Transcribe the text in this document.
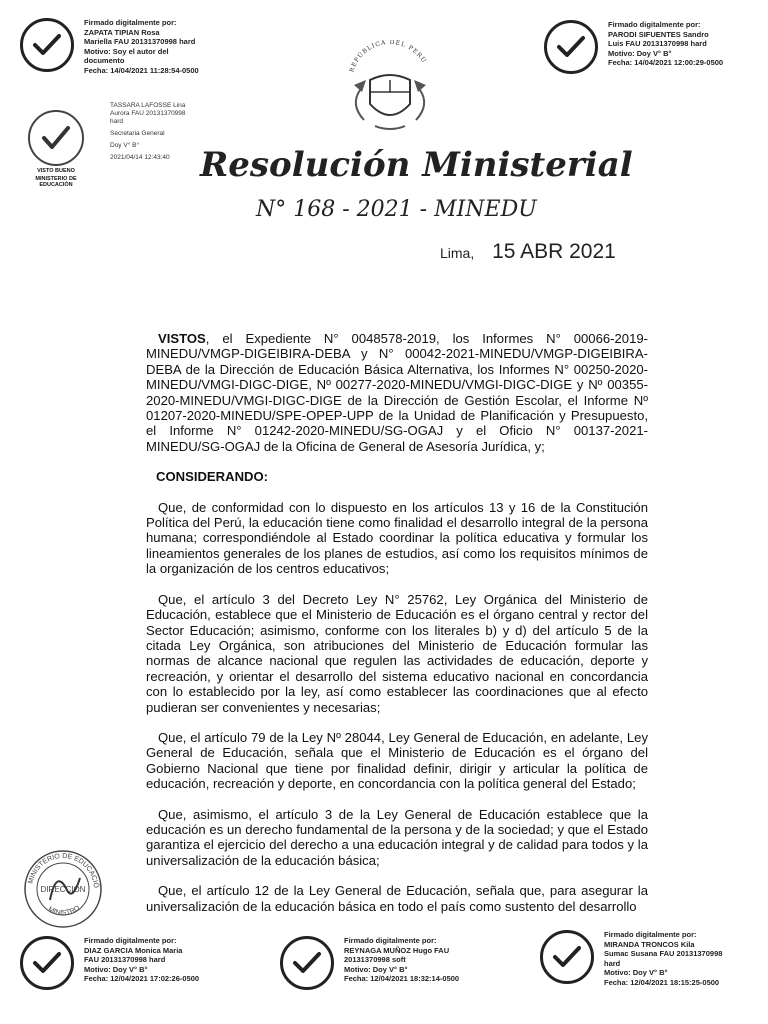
Firmado digitalmente por:
ZAPATA TIPIAN Rosa
Mariella FAU 20131370998 hard
Motivo: Soy el autor del
documento
Fecha: 14/04/2021 11:28:54-0500
Firmado digitalmente por:
PARODI SIFUENTES Sandro
Luis FAU 20131370998 hard
Motivo: Doy V° B°
Fecha: 14/04/2021 12:00:29-0500
REPÚBLICA DEL PERÚ
VISTO BUENO
MINISTERIO DE EDUCACIÓN
TASSARA LAFOSSE Lina
Aurora FAU 20131370998
hard
Secretaria General
Doy V° B°
2021/04/14 12:43:40 Resolución Ministerial
N° 168 - 2021 - MINEDU
Lima, 15 ABR 2021

VISTOS, el Expediente N° 0048578-2019, los Informes N° 00066-2019-MINEDU/VMGP-DIGEIBIRA-DEBA y N° 00042-2021-MINEDU/VMGP-DIGEIBIRA-DEBA de la Dirección de Educación Básica Alternativa, los Informes N° 00250-2020-MINEDU/VMGI-DIGC-DIGE, Nº 00277-2020-MINEDU/VMGI-DIGC-DIGE y Nº 00355-2020-MINEDU/VMGI-DIGC-DIGE de la Dirección de Gestión Escolar, el Informe Nº 01207-2020-MINEDU/SPE-OPEP-UPP de la Unidad de Planificación y Presupuesto, el Informe N° 01242-2020-MINEDU/SG-OGAJ y el Oficio N° 00137-2021-MINEDU/SG-OGAJ de la Oficina de General de Asesoría Jurídica, y;

CONSIDERANDO:

Que, de conformidad con lo dispuesto en los artículos 13 y 16 de la Constitución Política del Perú, la educación tiene como finalidad el desarrollo integral de la persona humana; correspondiéndole al Estado coordinar la política educativa y formular los lineamientos generales de los planes de estudios, así como los requisitos mínimos de la organización de los centros educativos;

Que, el artículo 3 del Decreto Ley N° 25762, Ley Orgánica del Ministerio de Educación, establece que el Ministerio de Educación es el órgano central y rector del Sector Educación; asimismo, conforme con los literales b) y d) del artículo 5 de la citada Ley Orgánica, son atribuciones del Ministerio de Educación formular las normas de alcance nacional que regulen las actividades de educación, deporte y recreación, y orientar el desarrollo del sistema educativo nacional en concordancia con lo establecido por la ley, así como establecer las coordinaciones que al efecto pudieran ser convenientes y necesarias;

Que, el artículo 79 de la Ley Nº 28044, Ley General de Educación, en adelante, Ley General de Educación, señala que el Ministerio de Educación es el órgano del Gobierno Nacional que tiene por finalidad definir, dirigir y articular la política de educación, recreación y deporte, en concordancia con la política general del Estado;

Que, asimismo, el artículo 3 de la Ley General de Educación establece que la educación es un derecho fundamental de la persona y de la sociedad; y que el Estado garantiza el ejercicio del derecho a una educación integral y de calidad para todos y la universalización de la educación básica;

Que, el artículo 12 de la Ley General de Educación, señala que, para asegurar la universalización de la educación básica en todo el país como sustento del desarrollo

MINISTERIO DE EDUCACIÓ
DIRECCIÓN
MINISTRO
Firmado digitalmente por:
DIAZ GARCIA Monica Maria
FAU 20131370998 hard
Motivo: Doy V° B°
Fecha: 12/04/2021 17:02:26-0500
Firmado digitalmente por:
REYNAGA MUÑOZ Hugo FAU
20131370998 soft
Motivo: Doy V° B°
Fecha: 12/04/2021 18:32:14-0500
Firmado digitalmente por:
MIRANDA TRONCOS Kila
Sumac Susana FAU 20131370998
hard
Motivo: Doy V° B°
Fecha: 12/04/2021 18:15:25-0500
